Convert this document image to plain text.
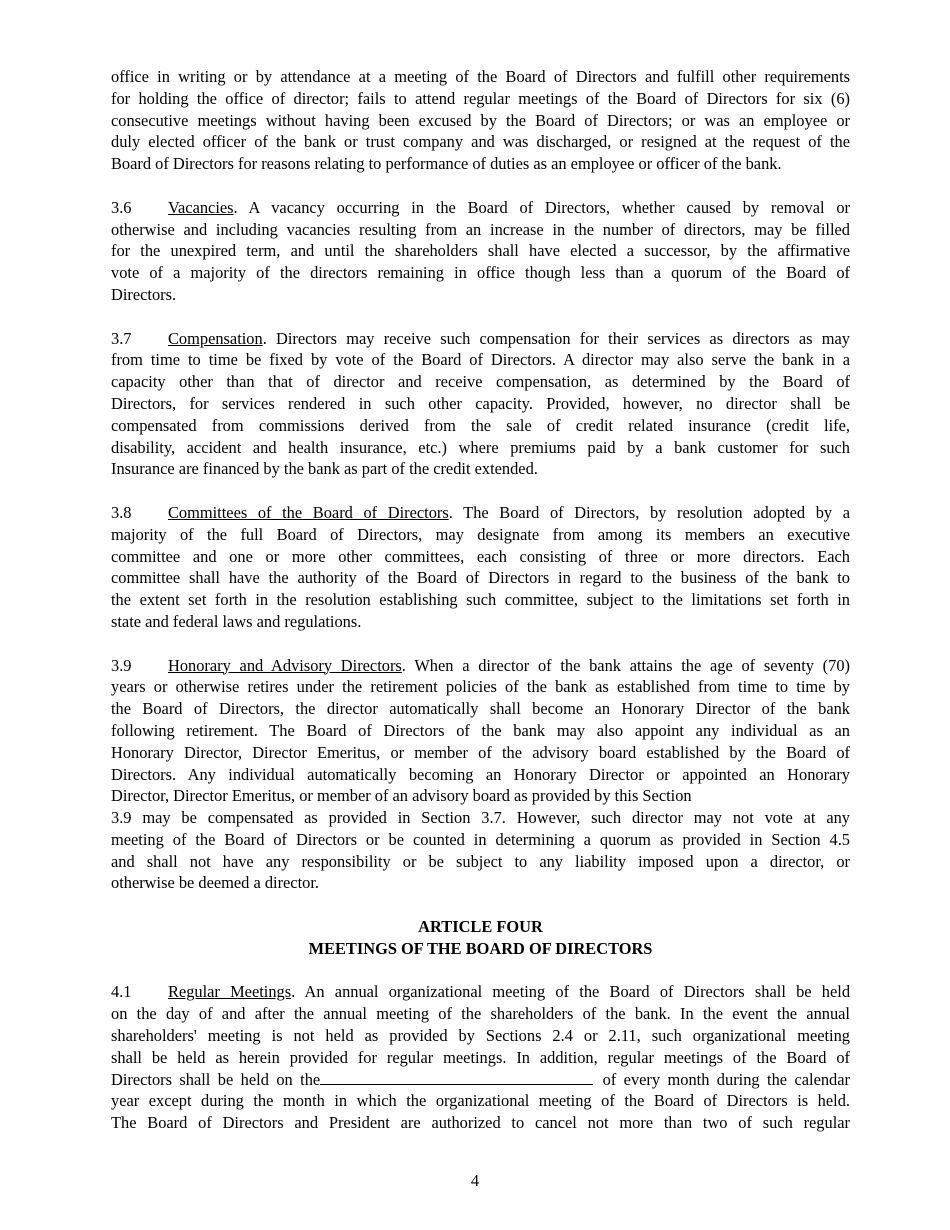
office in writing or by attendance at a meeting of the Board of Directors and fulfill other requirements
for holding the office of director; fails to attend regular meetings of the Board of Directors for six (6)
consecutive meetings without having been excused by the Board of Directors; or was an employee or
duly elected officer of the bank or trust company and was discharged, or resigned at the request of the
Board of Directors for reasons relating to performance of duties as an employee or officer of the bank.
3.6 Vacancies. A vacancy occurring in the Board of Directors, whether caused by removal or
otherwise and including vacancies resulting from an increase in the number of directors, may be filled
for the unexpired term, and until the shareholders shall have elected a successor, by the affirmative
vote of a majority of the directors remaining in office though less than a quorum of the Board of
Directors.
3.7 Compensation. Directors may receive such compensation for their services as directors as may
from time to time be fixed by vote of the Board of Directors. A director may also serve the bank in a
capacity other than that of director and receive compensation, as determined by the Board of
Directors, for services rendered in such other capacity. Provided, however, no director shall be
compensated from commissions derived from the sale of credit related insurance (credit life,
disability, accident and health insurance, etc.) where premiums paid by a bank customer for such
Insurance are financed by the bank as part of the credit extended.
3.8 Committees of the Board of Directors. The Board of Directors, by resolution adopted by a
majority of the full Board of Directors, may designate from among its members an executive
committee and one or more other committees, each consisting of three or more directors. Each
committee shall have the authority of the Board of Directors in regard to the business of the bank to
the extent set forth in the resolution establishing such committee, subject to the limitations set forth in
state and federal laws and regulations.
3.9 Honorary and Advisory Directors. When a director of the bank attains the age of seventy (70)
years or otherwise retires under the retirement policies of the bank as established from time to time by
the Board of Directors, the director automatically shall become an Honorary Director of the bank
following retirement. The Board of Directors of the bank may also appoint any individual as an
Honorary Director, Director Emeritus, or member of the advisory board established by the Board of
Directors. Any individual automatically becoming an Honorary Director or appointed an Honorary
Director, Director Emeritus, or member of an advisory board as provided by this Section
3.9 may be compensated as provided in Section 3.7. However, such director may not vote at any
meeting of the Board of Directors or be counted in determining a quorum as provided in Section 4.5
and shall not have any responsibility or be subject to any liability imposed upon a director, or
otherwise be deemed a director.
ARTICLE FOUR
MEETINGS OF THE BOARD OF DIRECTORS
4.1 Regular Meetings. An annual organizational meeting of the Board of Directors shall be held
on the day of and after the annual meeting of the shareholders of the bank. In the event the annual
shareholders' meeting is not held as provided by Sections 2.4 or 2.11, such organizational meeting
shall be held as herein provided for regular meetings. In addition, regular meetings of the Board of
Directors shall be held on the	of every month during the calendar
year except during the month in which the organizational meeting of the Board of Directors is held.
The Board of Directors and President are authorized to cancel not more than two of such regular
4
